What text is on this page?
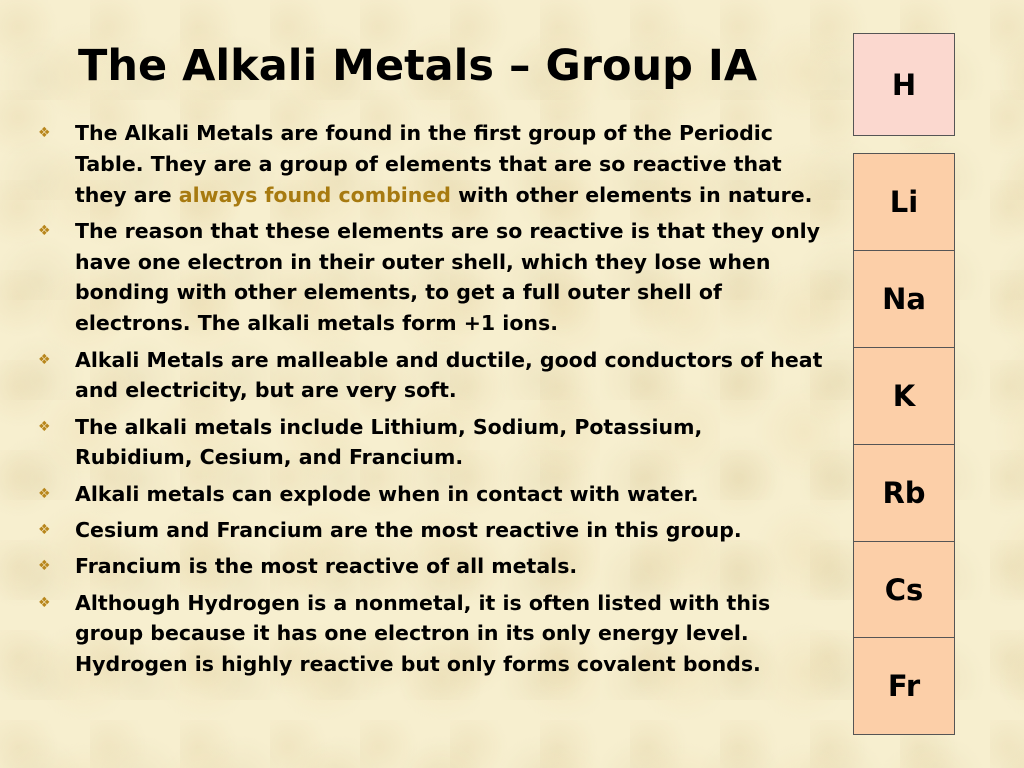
The Alkali Metals – Group IA
❖	The Alkali Metals are found in the first group of the Periodic Table. They are a group of elements that are so reactive that they are always found combined with other elements in nature.
❖	The reason that these elements are so reactive is that they only have one electron in their outer shell, which they lose when bonding with other elements, to get a full outer shell of electrons. The alkali metals form +1 ions.
❖	Alkali Metals are malleable and ductile, good conductors of heat and electricity, but are very soft.
❖	The alkali metals include Lithium, Sodium, Potassium, Rubidium, Cesium, and Francium.
❖	Alkali metals can explode when in contact with water.
❖	Cesium and Francium are the most reactive in this group.
❖	Francium is the most reactive of all metals.
❖	Although Hydrogen is a nonmetal, it is often listed with this group because it has one electron in its only energy level. Hydrogen is highly reactive but only forms covalent bonds.
H
Li
Na
K
Rb
Cs
Fr
